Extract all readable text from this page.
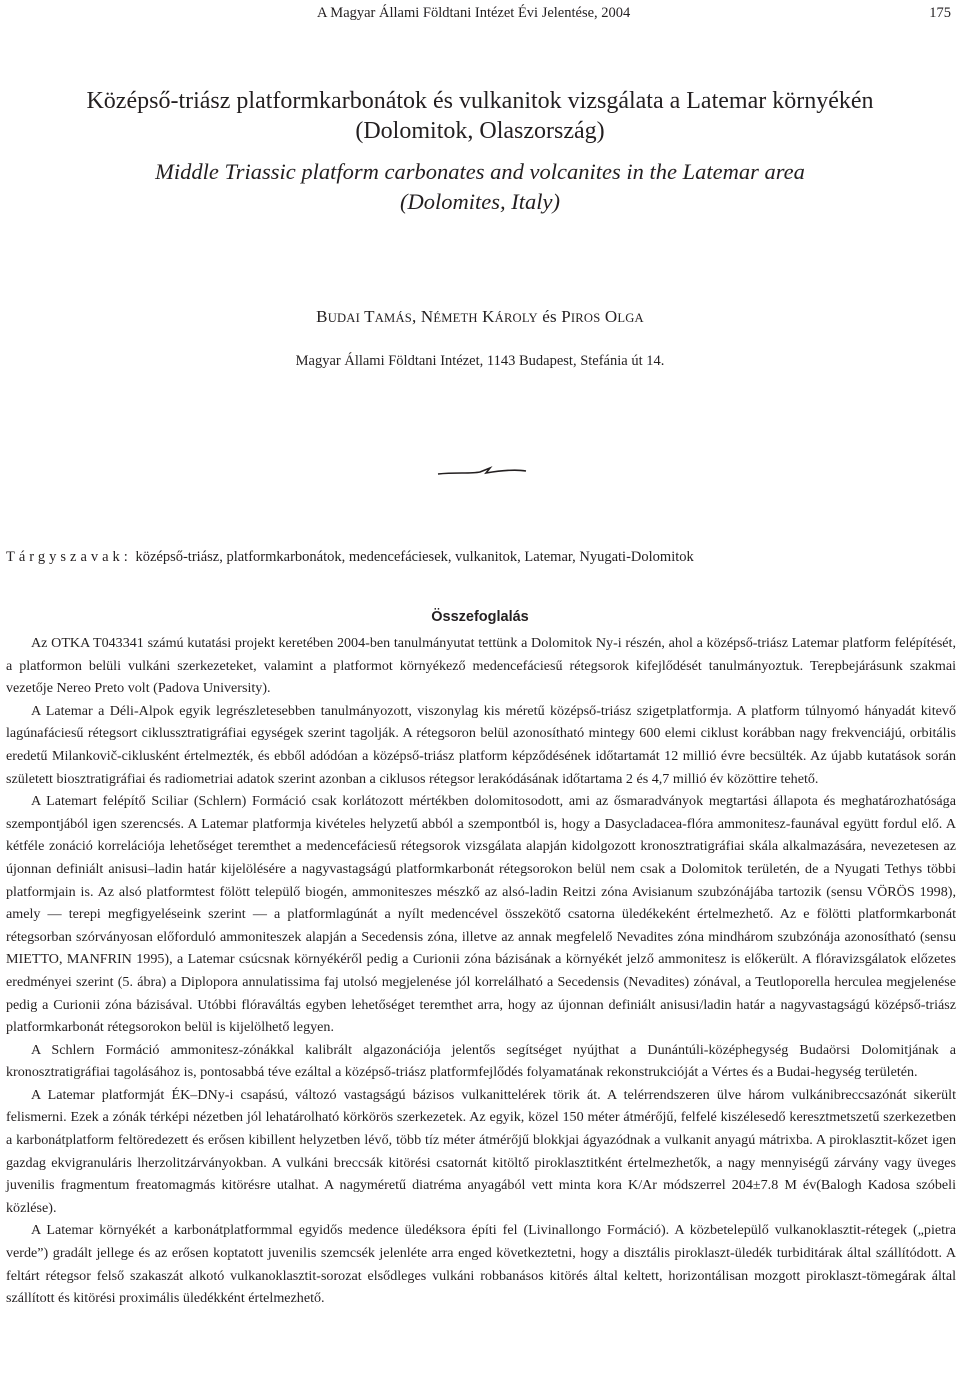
A Magyar Állami Földtani Intézet Évi Jelentése, 2004	175
Középső-triász platformkarbonátok és vulkanitok vizsgálata a Latemar környékén
(Dolomitok, Olaszország)
Middle Triassic platform carbonates and volcanites in the Latemar area
(Dolomites, Italy)
BUDAI TAMÁS, NÉMETH KÁROLY és PIROS OLGA
Magyar Állami Földtani Intézet, 1143 Budapest, Stefánia út 14.
Tárgyszavak: középső-triász, platformkarbonátok, medencefáciesek, vulkanitok, Latemar, Nyugati-Dolomitok
Összefoglalás

Az OTKA T043341 számú kutatási projekt keretében 2004-ben tanulmányutat tettünk a Dolomitok Ny-i részén, ahol a középső-triász Latemar platform felépítését, a platformon belüli vulkáni szerkezeteket, valamint a platformot környékező medencefáciesű rétegsorok kifejlődését tanulmányoztuk. Terepbejárásunk szakmai vezetője Nereo Preto volt (Padova University).

A Latemar a Déli-Alpok egyik legrészletesebben tanulmányozott, viszonylag kis méretű középső-triász szigetplatformja. A platform túlnyomó hányadát kitevő lagúnafáciesű rétegsort ciklussztratigráfiai egységek szerint tagolják. A rétegsoron belül azonosítható mintegy 600 elemi ciklust korábban nagy frekvenciájú, orbitális eredetű Milankovič-ciklusként értelmezték, és ebből adódóan a középső-triász platform képződésének időtartamát 12 millió évre becsülték. Az újabb kutatások során született biosztratigráfiai és radiometriai adatok szerint azonban a ciklusos rétegsor lerakódásának időtartama 2 és 4,7 millió év közöttire tehető.

A Latemart felépítő Sciliar (Schlern) Formáció csak korlátozott mértékben dolomitosodott, ami az ősmaradványok megtartási állapota és meghatározhatósága szempontjából igen szerencsés. A Latemar platformja kivételes helyzetű abból a szempontból is, hogy a Dasycladacea-flóra ammonitesz-faunával együtt fordul elő. A kétféle zonáció korrelációja lehetőséget teremthet a medencefáciesű rétegsorok vizsgálata alapján kidolgozott kronosztratigráfiai skála alkalmazására, nevezetesen az újonnan definiált anisusi–ladin határ kijelölésére a nagyvastagságú platformkarbonát rétegsorokon belül nem csak a Dolomitok területén, de a Nyugati Tethys többi platformjain is. Az alsó platformtest fölött települő biogén, ammoniteszes mészkő az alsó-ladin Reitzi zóna Avisianum szubzónájába tartozik (sensu VÖRÖS 1998), amely — terepi megfigyeléseink szerint — a platformlagúnát a nyílt medencével összekötő csatorna üledékeként értelmezhető. Az e fölötti platformkarbonát rétegsorban szórványosan előforduló ammoniteszek alapján a Secedensis zóna, illetve az annak megfelelő Nevadites zóna mindhárom szubzónája azonosítható (sensu MIETTO, MANFRIN 1995), a Latemar csúcsnak környékéről pedig a Curionii zóna bázisának a környékét jelző ammonitesz is előkerült. A flóravizsgálatok előzetes eredményei szerint (5. ábra) a Diplopora annulatissima faj utolsó megjelenése jól korrelálható a Secedensis (Nevadites) zónával, a Teutloporella herculea megjelenése pedig a Curionii zóna bázisával. Utóbbi flóraváltás egyben lehetőséget teremthet arra, hogy az újonnan definiált anisusi/ladin határ a nagyvastagságú középső-triász platformkarbonát rétegsorokon belül is kijelölhető legyen.

A Schlern Formáció ammonitesz-zónákkal kalibrált algazonációja jelentős segítséget nyújthat a Dunántúli-középhegység Budaörsi Dolomitjának a kronosztratigráfiai tagolásához is, pontosabbá téve ezáltal a középső-triász platformfejlődés folyamatának rekonstrukcióját a Vértes és a Budai-hegység területén.

A Latemar platformját ÉK–DNy-i csapású, változó vastagságú bázisos vulkanittelérek törik át. A telérrendszeren ülve három vulkánibreccsazónát sikerült felismerni. Ezek a zónák térképi nézetben jól lehatárolható körkörös szerkezetek. Az egyik, közel 150 méter átmérőjű, felfelé kiszélesedő keresztmetszetű szerkezetben a karbonátplatform feltöredezett és erősen kibillent helyzetben lévő, több tíz méter átmérőjű blokkjai ágyazódnak a vulkanit anyagú mátrixba. A piroklasztit-kőzet igen gazdag ekvigranuláris lherzolitzárványokban. A vulkáni breccsák kitörési csatornát kitöltő piroklasztitként értelmezhetők, a nagy mennyiségű zárvány vagy üveges juvenilis fragmentum freatomagmás kitörésre utalhat. A nagyméretű diatréma anyagából vett minta kora K/Ar módszerrel 204±7.8 M év(Balogh Kadosa szóbeli közlése).

A Latemar környékét a karbonátplatformmal egyidős medence üledéksora építi fel (Livinallongo Formáció). A közbetelepülő vulkanoklasztit-rétegek („pietra verde”) gradált jellege és az erősen koptatott juvenilis szemcsék jelenléte arra enged következtetni, hogy a disztális piroklaszt-üledék turbiditárak által szállítódott. A feltárt rétegsor felső szakaszát alkotó vulkanoklasztit-sorozat elsődleges vulkáni robbanásos kitörés által keltett, horizontálisan mozgott piroklaszt-tömegárak által szállított és kitörési proximális üledékként értelmezhető.
